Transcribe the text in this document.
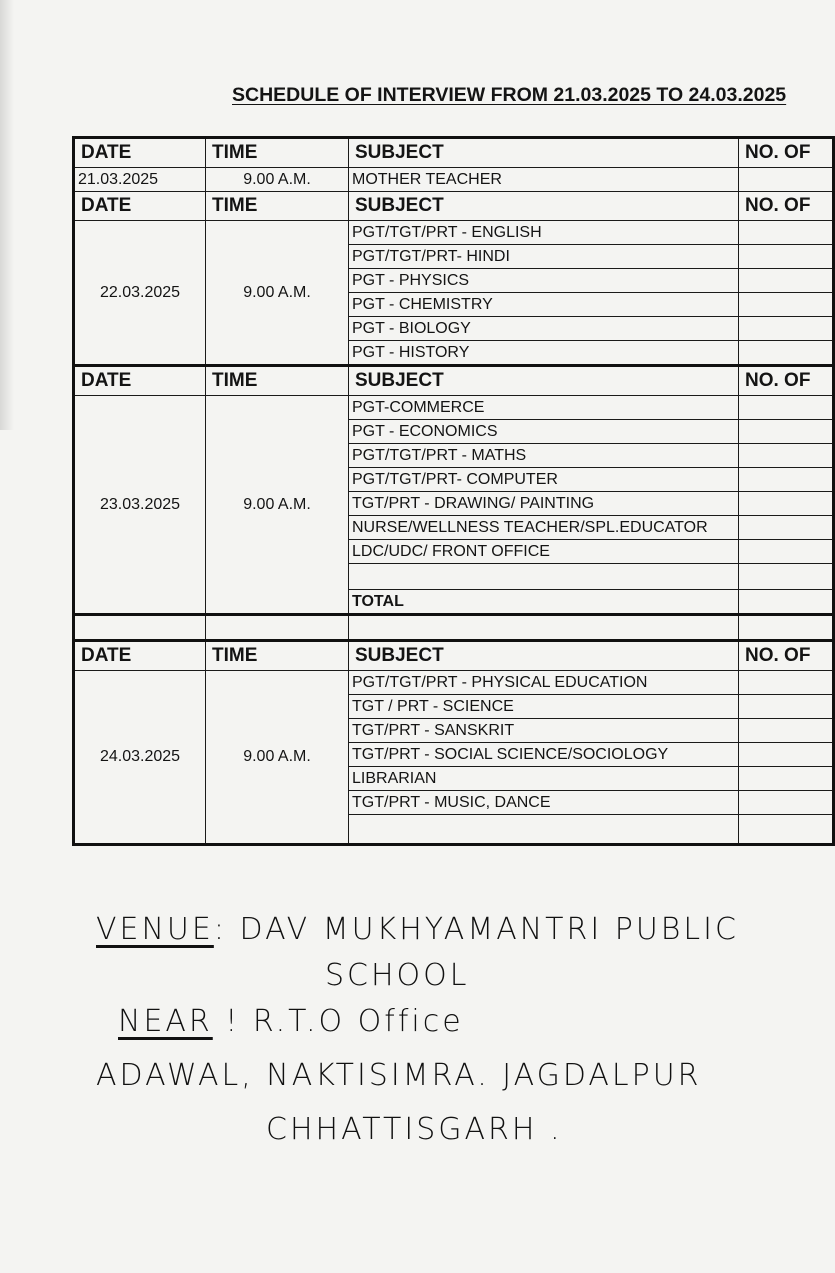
SCHEDULE OF INTERVIEW FROM 21.03.2025 TO 24.03.2025
DATE	TIME	SUBJECT	NO. OF
21.03.2025	9.00 A.M.	MOTHER TEACHER	
DATE	TIME	SUBJECT	NO. OF
22.03.2025	9.00 A.M.	PGT/TGT/PRT - ENGLISH	
		PGT/TGT/PRT- HINDI	
		PGT - PHYSICS	
		PGT - CHEMISTRY	
		PGT - BIOLOGY	
		PGT - HISTORY	
DATE	TIME	SUBJECT	NO. OF
23.03.2025	9.00 A.M.	PGT-COMMERCE	
		PGT - ECONOMICS	
		PGT/TGT/PRT - MATHS	
		PGT/TGT/PRT- COMPUTER	
		TGT/PRT - DRAWING/ PAINTING	
		NURSE/WELLNESS TEACHER/SPL.EDUCATOR	
		LDC/UDC/ FRONT OFFICE	

		TOTAL	

DATE	TIME	SUBJECT	NO. OF
24.03.2025	9.00 A.M.	PGT/TGT/PRT - PHYSICAL EDUCATION	
		TGT / PRT - SCIENCE	
		TGT/PRT - SANSKRIT	
		TGT/PRT - SOCIAL SCIENCE/SOCIOLOGY	
		LIBRARIAN	
		TGT/PRT - MUSIC, DANCE	

VENUE: DAV MUKHYAMANTRI PUBLIC
SCHOOL
NEAR ! R.T.O Office
ADAWAL, NAKTISIMRA. JAGDALPUR
CHHATTISGARH .
